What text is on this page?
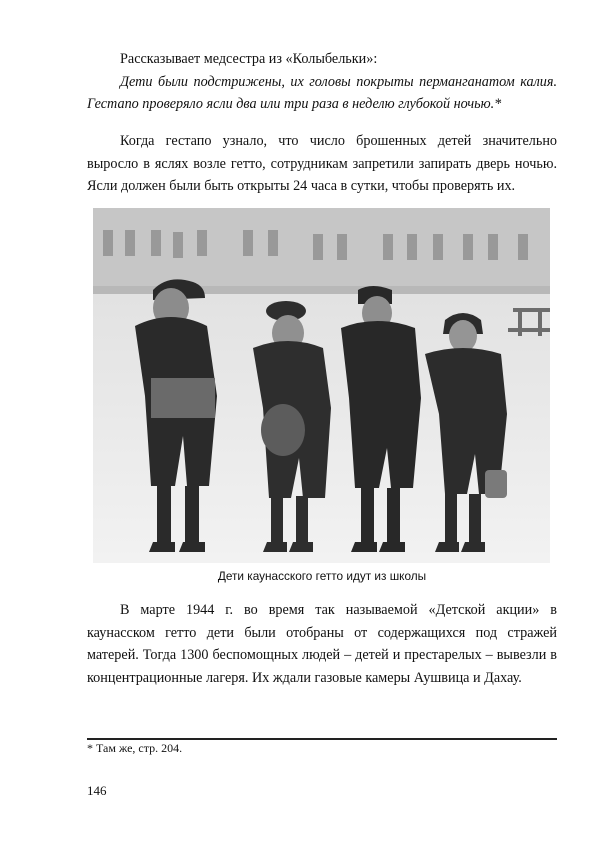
Рассказывает медсестра из «Колыбельки»:

Дети были подстрижены, их головы покрыты перманганатом калия.

Гестапо проверяло ясли два или три раза в неделю глубокой ночью.*

Когда гестапо узнало, что число брошенных детей значительно

выросло в яслях возле гетто, сотрудникам запретили запирать дверь ночью.

Ясли должен были быть открыты 24 часа в сутки, чтобы проверять их.

Дети каунасского гетто идут из школы

В марте 1944 г. во время так называемой «Детской акции» в

каунасском гетто дети были отобраны от содержащихся под стражей

матерей. Тогда 1300 беспомощных людей – детей и престарелых – вывезли в

концентрационные лагеря. Их ждали газовые камеры Аушвица и Дахау.

* Там же, стр. 204.
146
